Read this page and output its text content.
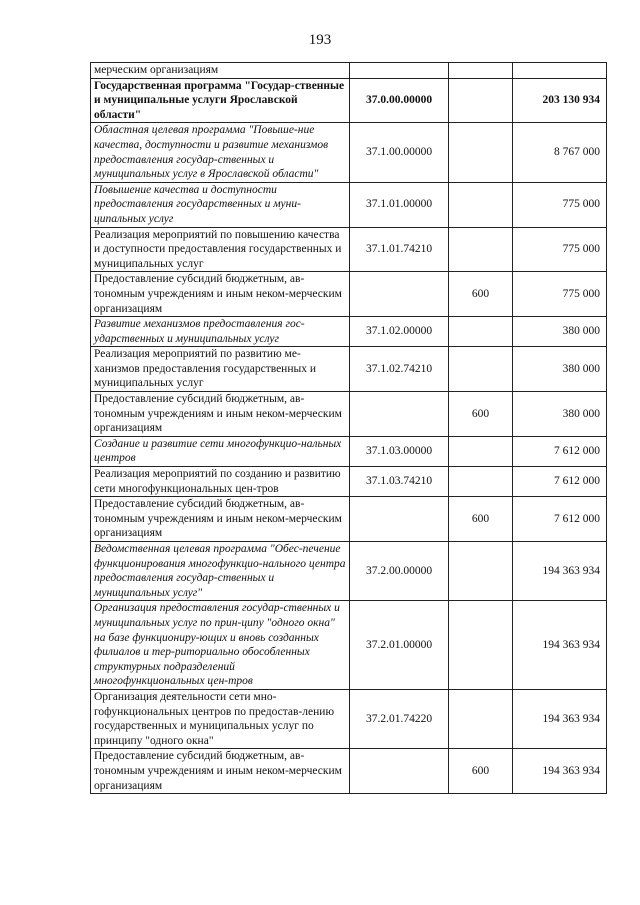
193
мерческим организациям			
Государственная программа "Государ-ственные и муниципальные услуги Ярославской области"	37.0.00.00000		203 130 934
Областная целевая программа "Повыше-ние качества, доступности и развитие механизмов предоставления государ-ственных и муниципальных услуг в Ярославской области"	37.1.00.00000		8 767 000
Повышение качества и доступности предоставления государственных и муни-ципальных услуг	37.1.01.00000		775 000
Реализация мероприятий по повышению качества и доступности предоставления государственных и муниципальных услуг	37.1.01.74210		775 000
Предоставление субсидий бюджетным, ав-тономным учреждениям и иным неком-мерческим организациям		600	775 000
Развитие механизмов предоставления гос-ударственных и муниципальных услуг	37.1.02.00000		380 000
Реализация мероприятий по развитию ме-ханизмов предоставления государственных и муниципальных услуг	37.1.02.74210		380 000
Предоставление субсидий бюджетным, ав-тономным учреждениям и иным неком-мерческим организациям		600	380 000
Создание и развитие сети многофункцио-нальных центров	37.1.03.00000		7 612 000
Реализация мероприятий по созданию и развитию сети многофункциональных цен-тров	37.1.03.74210		7 612 000
Предоставление субсидий бюджетным, ав-тономным учреждениям и иным неком-мерческим организациям		600	7 612 000
Ведомственная целевая программа "Обес-печение функционирования многофункцио-нального центра предоставления государ-ственных и муниципальных услуг"	37.2.00.00000		194 363 934
Организация предоставления государ-ственных и муниципальных услуг по прин-ципу "одного окна" на базе функциониру-ющих и вновь созданных филиалов и тер-риториально обособленных структурных подразделений многофункциональных цен-тров	37.2.01.00000		194 363 934
Организация деятельности сети мно-гофункциональных центров по предостав-лению государственных и муниципальных услуг по принципу "одного окна"	37.2.01.74220		194 363 934
Предоставление субсидий бюджетным, ав-тономным учреждениям и иным неком-мерческим организациям		600	194 363 934
